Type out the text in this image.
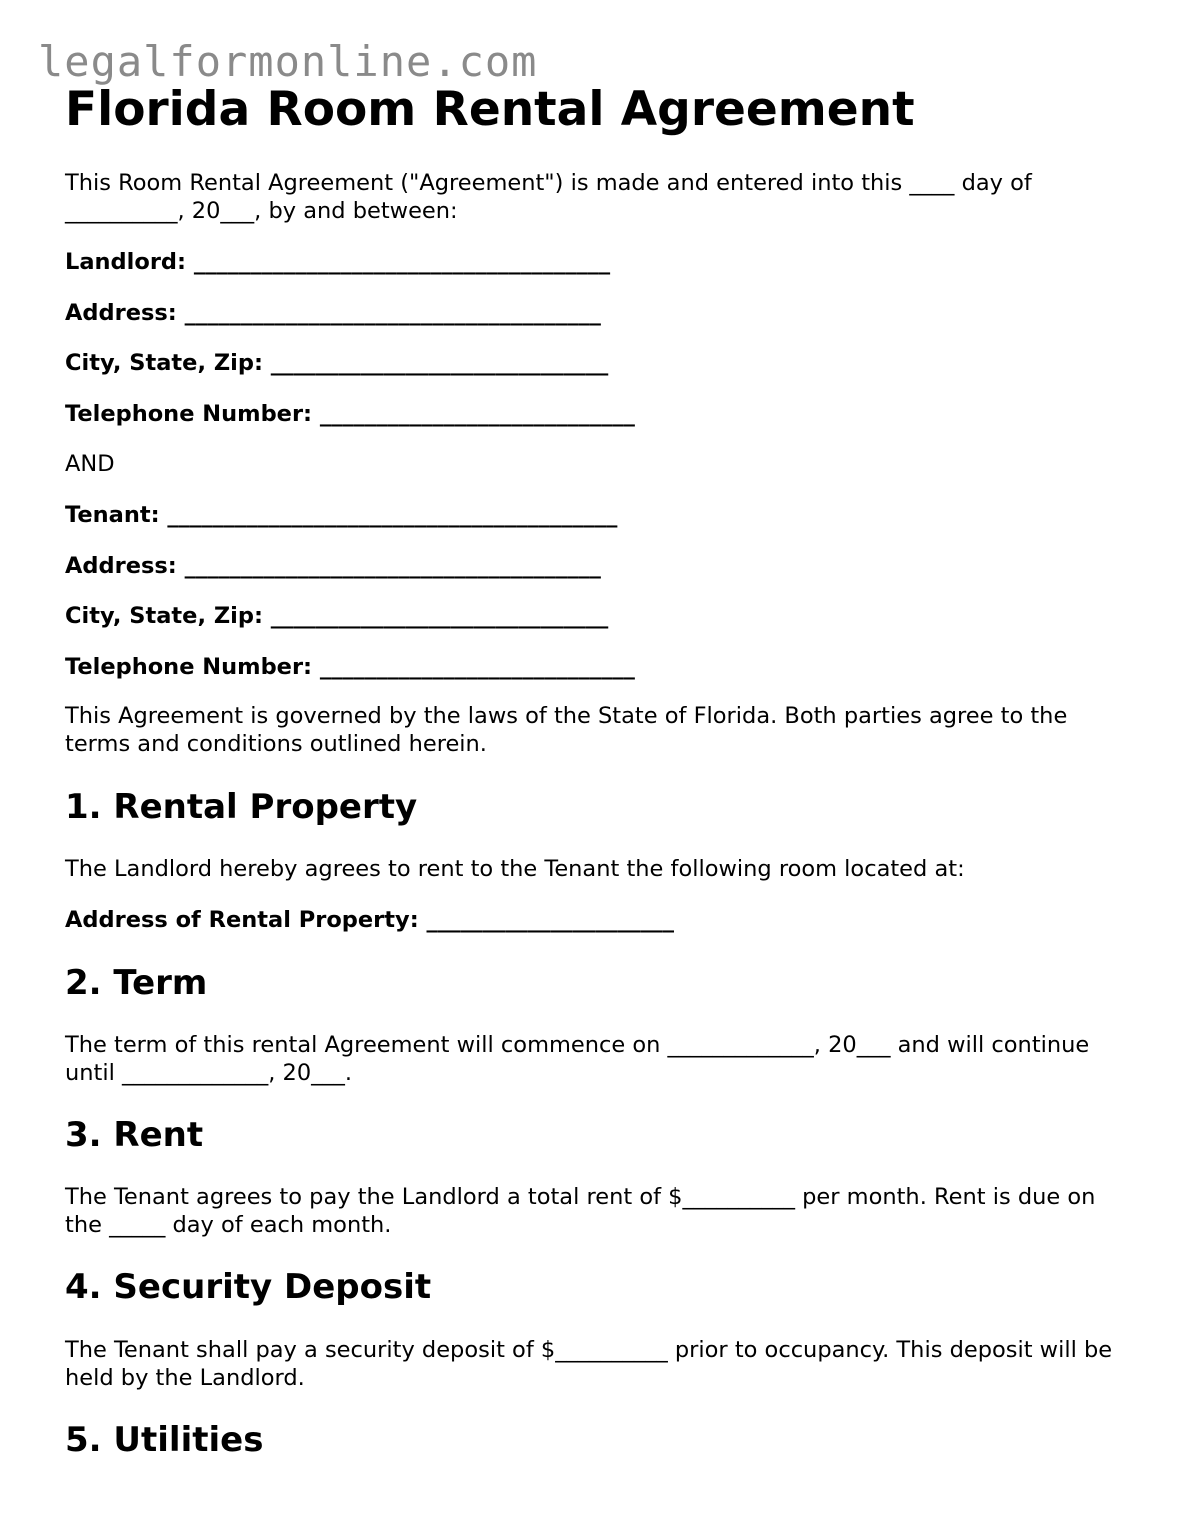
legalformonline.com
Florida Room Rental Agreement

This Room Rental Agreement ("Agreement") is made and entered into this ____ day of __________, 20___, by and between:

Landlord: _____________________________________

Address: _____________________________________

City, State, Zip: ______________________________

Telephone Number: ____________________________

AND

Tenant: ________________________________________

Address: _____________________________________

City, State, Zip: ______________________________

Telephone Number: ____________________________

This Agreement is governed by the laws of the State of Florida. Both parties agree to the terms and conditions outlined herein.

1. Rental Property

The Landlord hereby agrees to rent to the Tenant the following room located at:

Address of Rental Property: ______________________

2. Term

The term of this rental Agreement will commence on _____________, 20___ and will continue until _____________, 20___.

3. Rent

The Tenant agrees to pay the Landlord a total rent of $__________ per month. Rent is due on the _____ day of each month.

4. Security Deposit

The Tenant shall pay a security deposit of $__________ prior to occupancy. This deposit will be held by the Landlord.

5. Utilities
